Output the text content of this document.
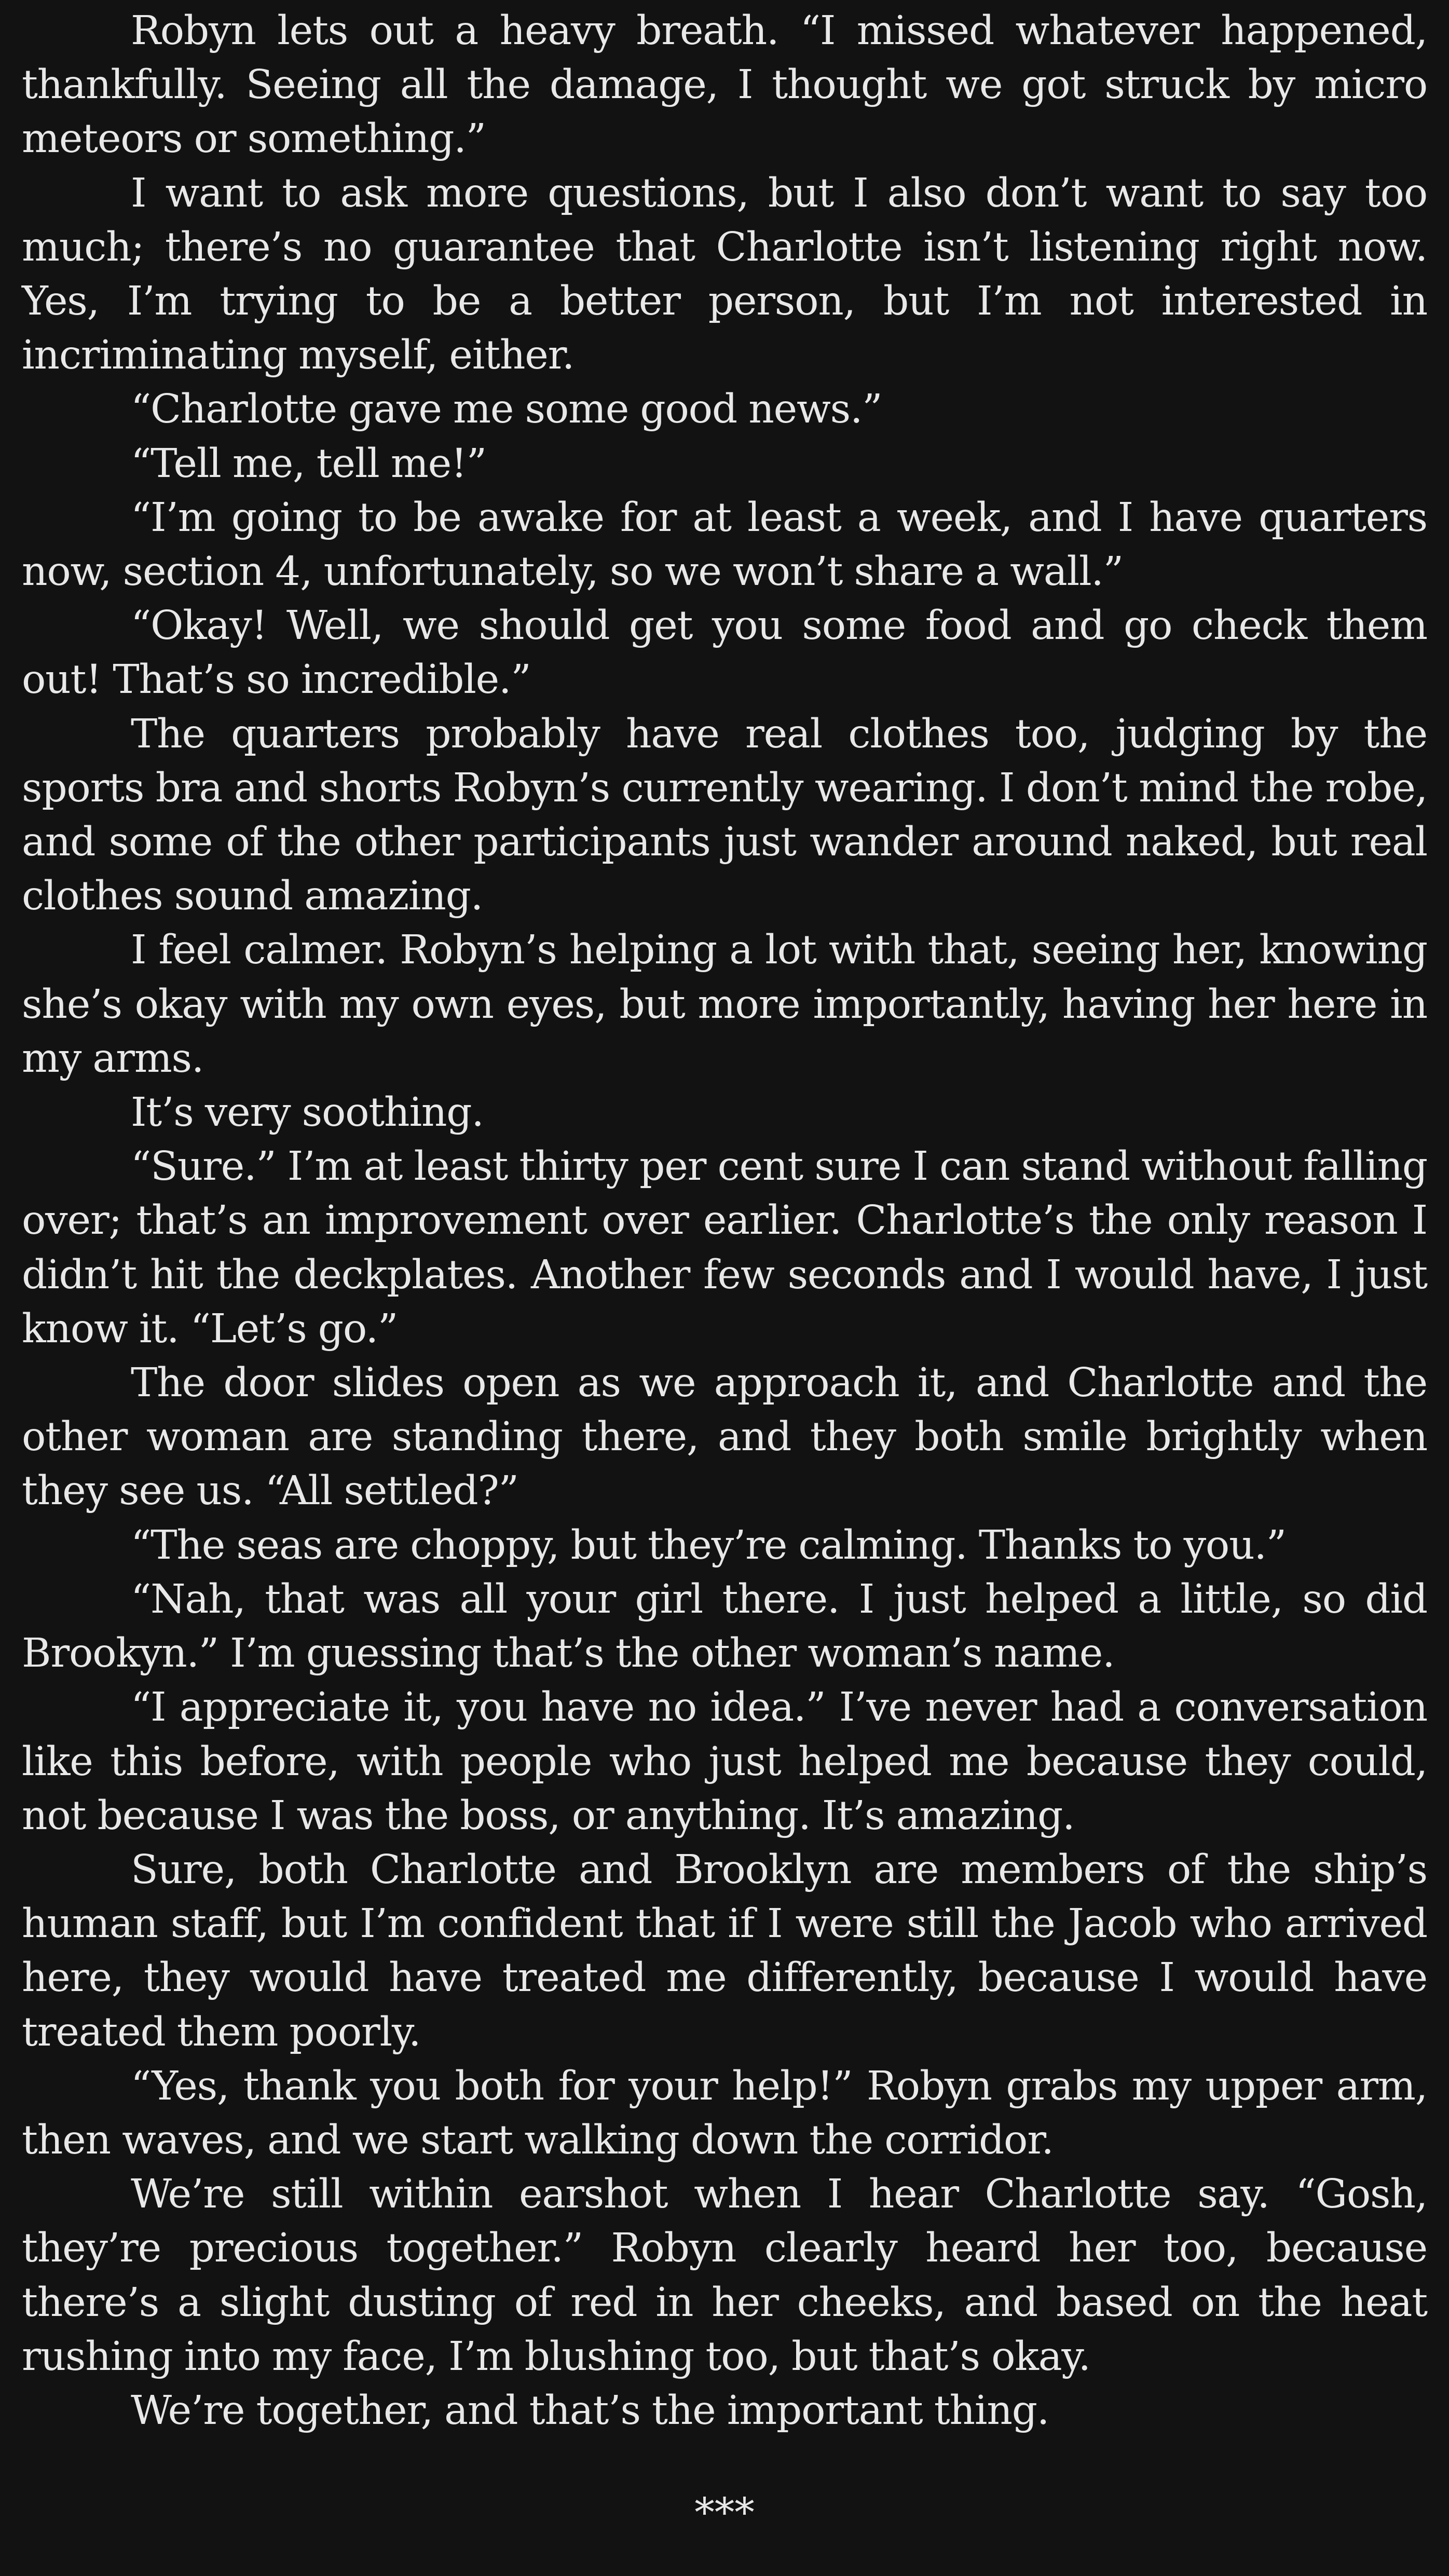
Robyn lets out a heavy breath. “I missed whatever happened, thankfully. Seeing all the damage, I thought we got struck by micro meteors or something.”

I want to ask more questions, but I also don’t want to say too much; there’s no guarantee that Charlotte isn’t listening right now. Yes, I’m trying to be a better person, but I’m not interested in incriminating myself, either.

“Charlotte gave me some good news.”

“Tell me, tell me!”

“I’m going to be awake for at least a week, and I have quarters now, section 4, unfortunately, so we won’t share a wall.”

“Okay! Well, we should get you some food and go check them out! That’s so incredible.”

The quarters probably have real clothes too, judging by the sports bra and shorts Robyn’s currently wearing. I don’t mind the robe, and some of the other participants just wander around naked, but real clothes sound amazing.

I feel calmer. Robyn’s helping a lot with that, seeing her, knowing she’s okay with my own eyes, but more importantly, having her here in my arms.

It’s very soothing.

“Sure.” I’m at least thirty per cent sure I can stand without falling over; that’s an improvement over earlier. Charlotte’s the only reason I didn’t hit the deckplates. Another few seconds and I would have, I just know it. “Let’s go.”

The door slides open as we approach it, and Charlotte and the other woman are standing there, and they both smile brightly when they see us. “All settled?”

“The seas are choppy, but they’re calming. Thanks to you.”

“Nah, that was all your girl there. I just helped a little, so did Brookyn.” I’m guessing that’s the other woman’s name.

“I appreciate it, you have no idea.” I’ve never had a conversation like this before, with people who just helped me because they could, not because I was the boss, or anything. It’s amazing.

Sure, both Charlotte and Brooklyn are members of the ship’s human staff, but I’m confident that if I were still the Jacob who arrived here, they would have treated me differently, because I would have treated them poorly.

“Yes, thank you both for your help!” Robyn grabs my upper arm, then waves, and we start walking down the corridor.

We’re still within earshot when I hear Charlotte say. “Gosh, they’re precious together.” Robyn clearly heard her too, because there’s a slight dusting of red in her cheeks, and based on the heat rushing into my face, I’m blushing too, but that’s okay.

We’re together, and that’s the important thing.

***
